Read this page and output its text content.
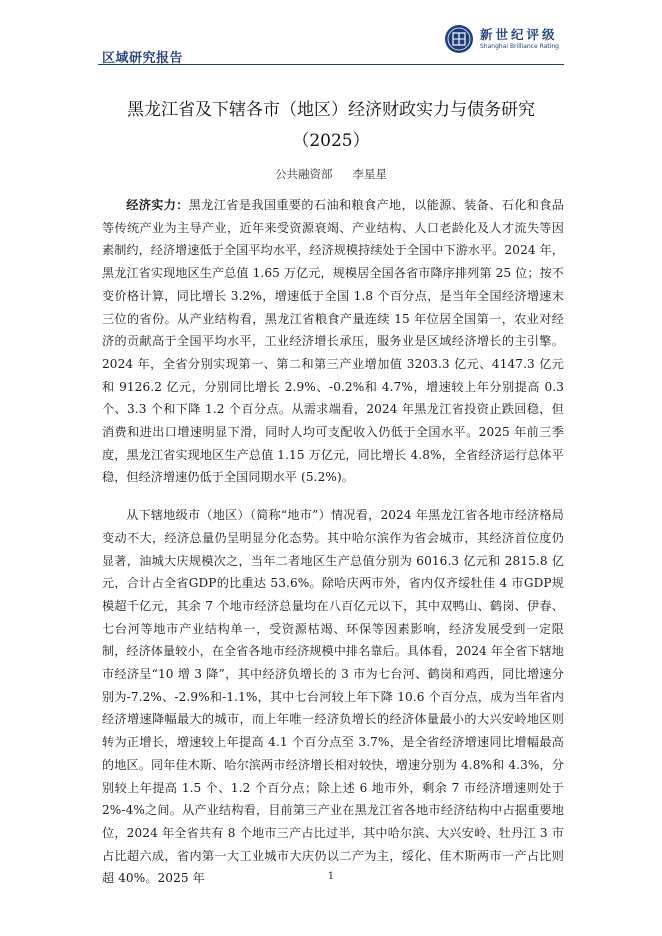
区域研究报告
新世纪评级
Shanghai Brilliance Rating
黑龙江省及下辖各市（地区）经济财政实力与债务研究
（2025）
公共融资部 李星星

经济实力：黑龙江省是我国重要的石油和粮食产地，以能源、装备、石化和食品等传统产业为主导产业，近年来受资源衰竭、产业结构、人口老龄化及人才流失等因素制约，经济增速低于全国平均水平，经济规模持续处于全国中下游水平。2024 年，黑龙江省实现地区生产总值 1.65 万亿元，规模居全国各省市降序排列第 25 位；按不变价格计算，同比增长 3.2%，增速低于全国 1.8 个百分点，是当年全国经济增速末三位的省份。从产业结构看，黑龙江省粮食产量连续 15 年位居全国第一，农业对经济的贡献高于全国平均水平，工业经济增长承压，服务业是区域经济增长的主引擎。2024 年，全省分别实现第一、第二和第三产业增加值 3203.3 亿元、4147.3 亿元和 9126.2 亿元，分别同比增长 2.9%、-0.2%和 4.7%，增速较上年分别提高 0.3 个、3.3 个和下降 1.2 个百分点。从需求端看，2024 年黑龙江省投资止跌回稳，但消费和进出口增速明显下滑，同时人均可支配收入仍低于全国水平。2025 年前三季度，黑龙江省实现地区生产总值 1.15 万亿元，同比增长 4.8%，全省经济运行总体平稳，但经济增速仍低于全国同期水平 (5.2%)。

从下辖地级市（地区）（简称“地市”）情况看，2024 年黑龙江省各地市经济格局变动不大，经济总量仍呈明显分化态势。其中哈尔滨作为省会城市，其经济首位度仍显著，油城大庆规模次之，当年二者地区生产总值分别为 6016.3 亿元和 2815.8 亿元，合计占全省GDP的比重达 53.6%。除哈庆两市外，省内仅齐绥牡佳 4 市GDP规模超千亿元，其余 7 个地市经济总量均在八百亿元以下，其中双鸭山、鹤岗、伊春、七台河等地市产业结构单一，受资源枯竭、环保等因素影响，经济发展受到一定限制，经济体量较小，在全省各地市经济规模中排名靠后。具体看，2024 年全省下辖地市经济呈“10 增 3 降”，其中经济负增长的 3 市为七台河、鹤岗和鸡西，同比增速分别为-7.2%、-2.9%和-1.1%，其中七台河较上年下降 10.6 个百分点，成为当年省内经济增速降幅最大的城市，而上年唯一经济负增长的经济体量最小的大兴安岭地区则转为正增长，增速较上年提高 4.1 个百分点至 3.7%，是全省经济增速同比增幅最高的地区。同年佳木斯、哈尔滨两市经济增长相对较快，增速分别为 4.8%和 4.3%，分别较上年提高 1.5 个、1.2 个百分点；除上述 6 地市外，剩余 7 市经济增速则处于 2%-4%之间。从产业结构看，目前第三产业在黑龙江省各地市经济结构中占据重要地位，2024 年全省共有 8 个地市三产占比过半，其中哈尔滨、大兴安岭、牡丹江 3 市占比超六成，省内第一大工业城市大庆仍以二产为主，绥化、佳木斯两市一产占比则超 40%。2025 年	1
